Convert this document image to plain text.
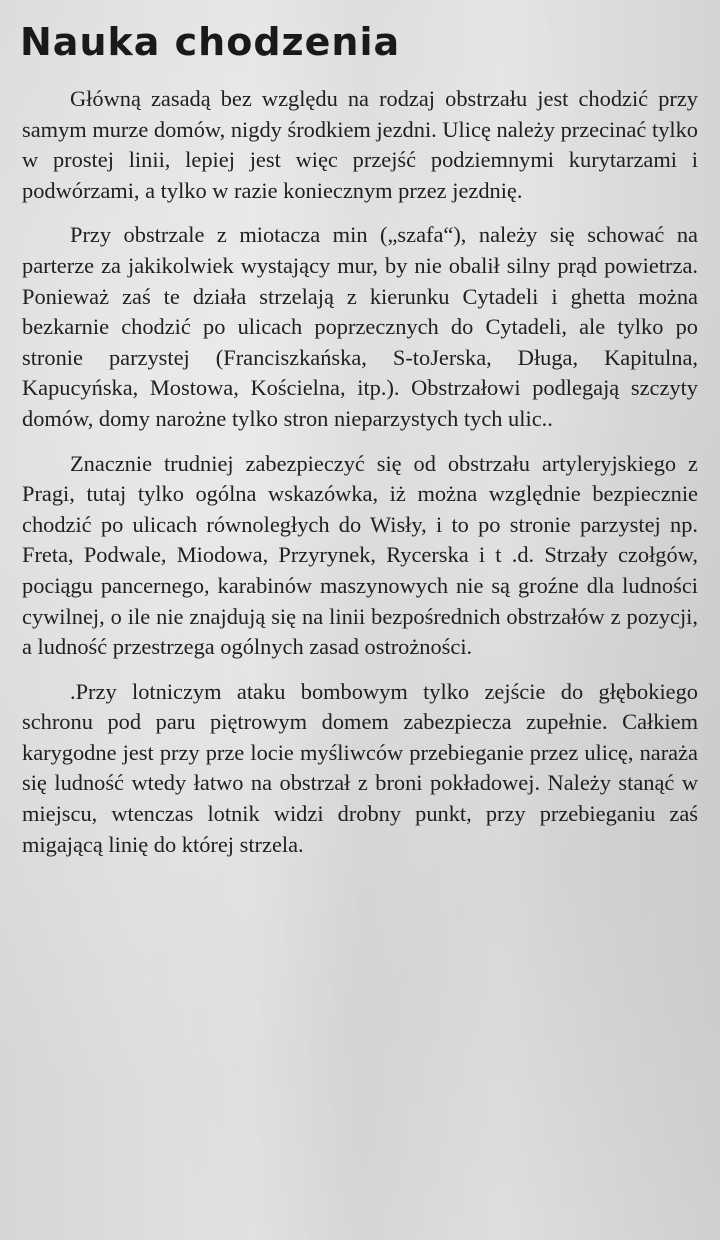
Nauka chodzenia

Główną zasadą bez względu na rodzaj obstrzału jest chodzić przy samym murze domów, nigdy środkiem jezdni. Ulicę należy przecinać tylko w prostej linii, lepiej jest więc przejść podziemnymi kurytarzami i podwórzami, a tylko w razie koniecznym przez jezdnię.

Przy obstrzale z miotacza min („szafa“), należy się schować na parterze za jakikolwiek wystający mur, by nie obalił silny prąd powietrza. Ponieważ zaś te działa strzelają z kierunku Cytadeli i ghetta można bezkarnie chodzić po ulicach poprzecznych do Cytadeli, ale tylko po stronie parzystej (Franciszkańska, S-toJerska, Długa, Kapitulna, Kapucyńska, Mostowa, Kościelna, itp.). Obstrzałowi podlegają szczyty domów, domy narożne tylko stron nieparzystych tych ulic..

Znacznie trudniej zabezpieczyć się od obstrzału artyleryjskiego z Pragi, tutaj tylko ogólna wskazówka, iż można względnie bezpiecznie chodzić po ulicach równoległych do Wisły, i to po stronie parzystej np. Freta, Podwale, Miodowa, Przyrynek, Rycerska i t .d. Strzały czołgów, pociągu pancernego, karabinów maszynowych nie są groźne dla ludności cywilnej, o ile nie znajdują się na linii bezpośrednich obstrzałów z pozycji, a ludność przestrzega ogólnych zasad ostrożności.

.Przy lotniczym ataku bombowym tylko zejście do głębokiego schronu pod paru piętrowym domem zabezpiecza zupełnie. Całkiem karygodne jest przy prze locie myśliwców przebieganie przez ulicę, naraża się ludność wtedy łatwo na obstrzał z broni pokładowej. Należy stanąć w miejscu, wtenczas lotnik widzi drobny punkt, przy przebieganiu zaś migającą linię do której strzela.
